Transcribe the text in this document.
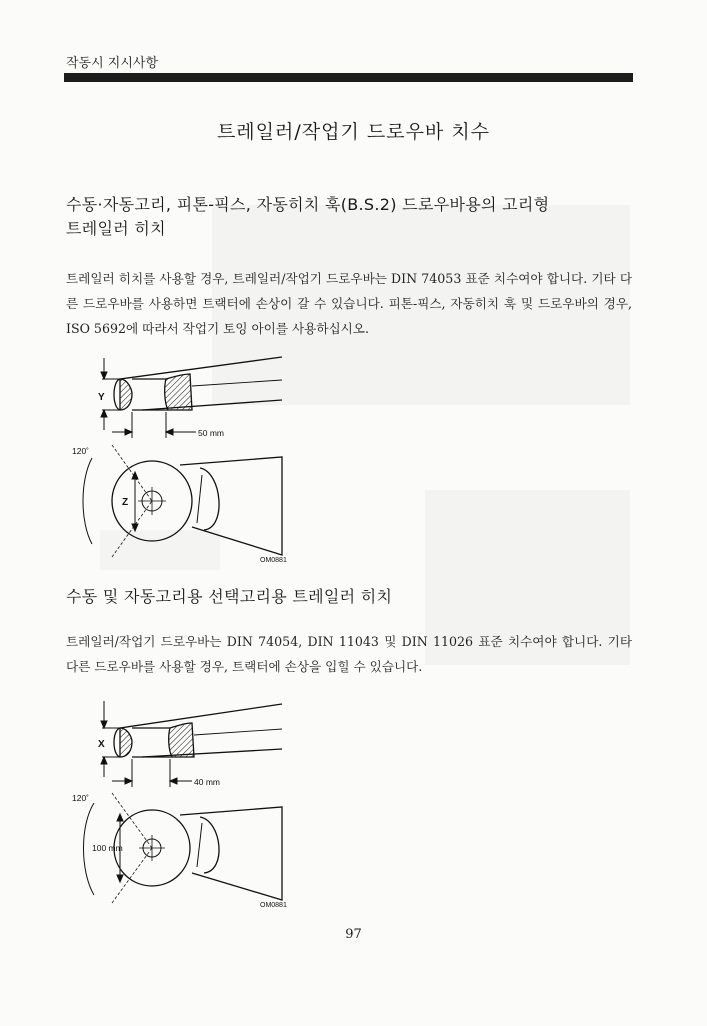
작동시 지시사항
트레일러/작업기 드로우바 치수
수동·자동고리, 피톤-픽스, 자동히치 훅(B.S.2) 드로우바용의 고리형
트레일러 히치
트레일러 히치를 사용할 경우, 트레일러/작업기 드로우바는 DIN 74053 표준 치수여야 합니다. 기타 다른 드로우바를 사용하면 트랙터에 손상이 갈 수 있습니다. 피톤-픽스, 자동히치 훅 및 드로우바의 경우, ISO 5692에 따라서 작업기 토잉 아이를 사용하십시오.
Y
50 mm
Z
120˚
OM0881
수동 및 자동고리용 선택고리용 트레일러 히치
트레일러/작업기 드로우바는 DIN 74054, DIN 11043 및 DIN 11026 표준 치수여야 합니다. 기타 다른 드로우바를 사용할 경우, 트랙터에 손상을 입힐 수 있습니다.
X
40 mm
100 mm
120˚
OM0881
97
